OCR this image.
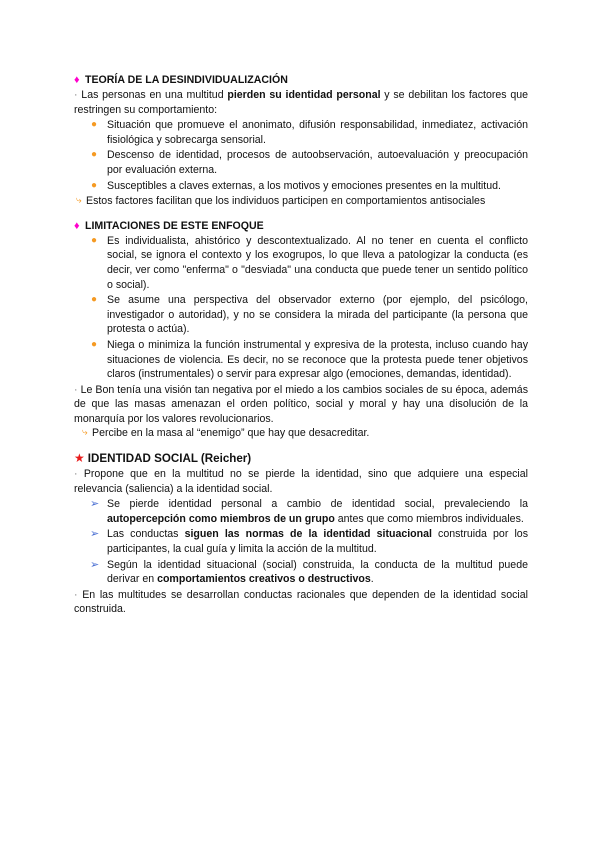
♦ TEORÍA DE LA DESINDIVIDUALIZACIÓN

· Las personas en una multitud pierden su identidad personal y se debilitan los factores que restringen su comportamiento:

● Situación que promueve el anonimato, difusión responsabilidad, inmediatez, activación fisiológica y sobrecarga sensorial.
● Descenso de identidad, procesos de autoobservación, autoevaluación y preocupación por evaluación externa.
● Susceptibles a claves externas, a los motivos y emociones presentes en la multitud.
⤷ Estos factores facilitan que los individuos participen en comportamientos antisociales
♦ LIMITACIONES DE ESTE ENFOQUE
● Es individualista, ahistórico y descontextualizado. Al no tener en cuenta el conflicto social, se ignora el contexto y los exogrupos, lo que lleva a patologizar la conducta (es decir, ver como "enferma" o "desviada" una conducta que puede tener un sentido político o social).
● Se asume una perspectiva del observador externo (por ejemplo, del psicólogo, investigador o autoridad), y no se considera la mirada del participante (la persona que protesta o actúa).
● Niega o minimiza la función instrumental y expresiva de la protesta, incluso cuando hay situaciones de violencia. Es decir, no se reconoce que la protesta puede tener objetivos claros (instrumentales) o servir para expresar algo (emociones, demandas, identidad).

· Le Bon tenía una visión tan negativa por el miedo a los cambios sociales de su época, además de que las masas amenazan el orden político, social y moral y hay una disolución de la monarquía por los valores revolucionarios.

⤷ Percibe en la masa al “enemigo” que hay que desacreditar.
★ IDENTIDAD SOCIAL (Reicher)

· Propone que en la multitud no se pierde la identidad, sino que adquiere una especial relevancia (saliencia) a la identidad social.

➢ Se pierde identidad personal a cambio de identidad social, prevaleciendo la autopercepción como miembros de un grupo antes que como miembros individuales.
➢ Las conductas siguen las normas de la identidad situacional construida por los participantes, la cual guía y limita la acción de la multitud.
➢ Según la identidad situacional (social) construida, la conducta de la multitud puede derivar en comportamientos creativos o destructivos.

· En las multitudes se desarrollan conductas racionales que dependen de la identidad social construida.
